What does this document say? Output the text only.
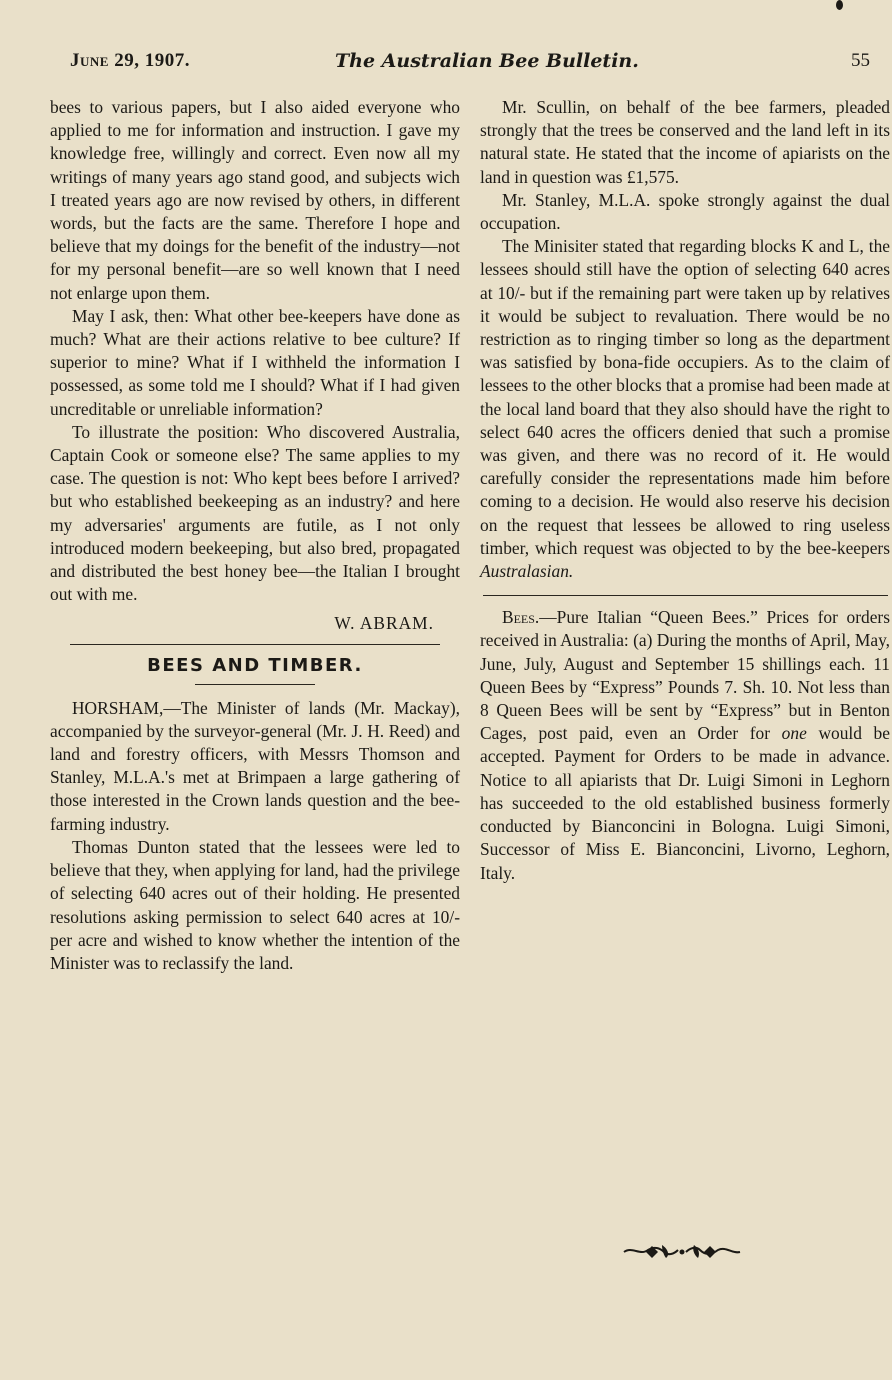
June 29, 1907.	The Australian Bee Bulletin.	55

bees to various papers, but I also aided everyone who applied to me for information and instruction. I gave my knowledge free, willingly and correct. Even now all my writings of many years ago stand good, and subjects wich I treated years ago are now revised by others, in different words, but the facts are the same. Therefore I hope and believe that my doings for the benefit of the industry—not for my personal benefit—are so well known that I need not enlarge upon them.

May I ask, then: What other bee-keepers have done as much? What are their actions relative to bee culture? If superior to mine? What if I withheld the information I possessed, as some told me I should? What if I had given uncreditable or unreliable information?

To illustrate the position: Who discovered Australia, Captain Cook or someone else? The same applies to my case. The question is not: Who kept bees before I arrived? but who established beekeeping as an industry? and here my adversaries' arguments are futile, as I not only introduced modern beekeeping, but also bred, propagated and distributed the best honey bee—the Italian I brought out with me.

W. ABRAM.

BEES AND TIMBER.

HORSHAM,—The Minister of lands (Mr. Mackay), accompanied by the surveyor-general (Mr. J. H. Reed) and land and forestry officers, with Messrs Thomson and Stanley, M.L.A.'s met at Brimpaen a large gathering of those interested in the Crown lands question and the bee-farming industry.

Thomas Dunton stated that the lessees were led to believe that they, when applying for land, had the privilege of selecting 640 acres out of their holding. He presented resolutions asking permission to select 640 acres at 10/- per acre and wished to know whether the intention of the Minister was to reclassify the land.

Mr. Scullin, on behalf of the bee farmers, pleaded strongly that the trees be conserved and the land left in its natural state. He stated that the income of apiarists on the land in question was £1,575.

Mr. Stanley, M.L.A. spoke strongly against the dual occupation.

The Minisiter stated that regarding blocks K and L, the lessees should still have the option of selecting 640 acres at 10/- but if the remaining part were taken up by relatives it would be subject to revaluation. There would be no restriction as to ringing timber so long as the department was satisfied by bona-fide occupiers. As to the claim of lessees to the other blocks that a promise had been made at the local land board that they also should have the right to select 640 acres the officers denied that such a promise was given, and there was no record of it. He would carefully consider the representations made him before coming to a decision. He would also reserve his decision on the request that lessees be allowed to ring useless timber, which request was objected to by the bee-keepers Australasian.

Bees.—Pure Italian “Queen Bees.” Prices for orders received in Australia: (a) During the months of April, May, June, July, August and September 15 shillings each. 11 Queen Bees by “Express” Pounds 7. Sh. 10. Not less than 8 Queen Bees will be sent by “Express” but in Benton Cages, post paid, even an Order for one would be accepted. Payment for Orders to be made in advance. Notice to all apiarists that Dr. Luigi Simoni in Leghorn has succeeded to the old established business formerly conducted by Bianconcini in Bologna. Luigi Simoni, Successor of Miss E. Bianconcini, Livorno, Leghorn, Italy.
